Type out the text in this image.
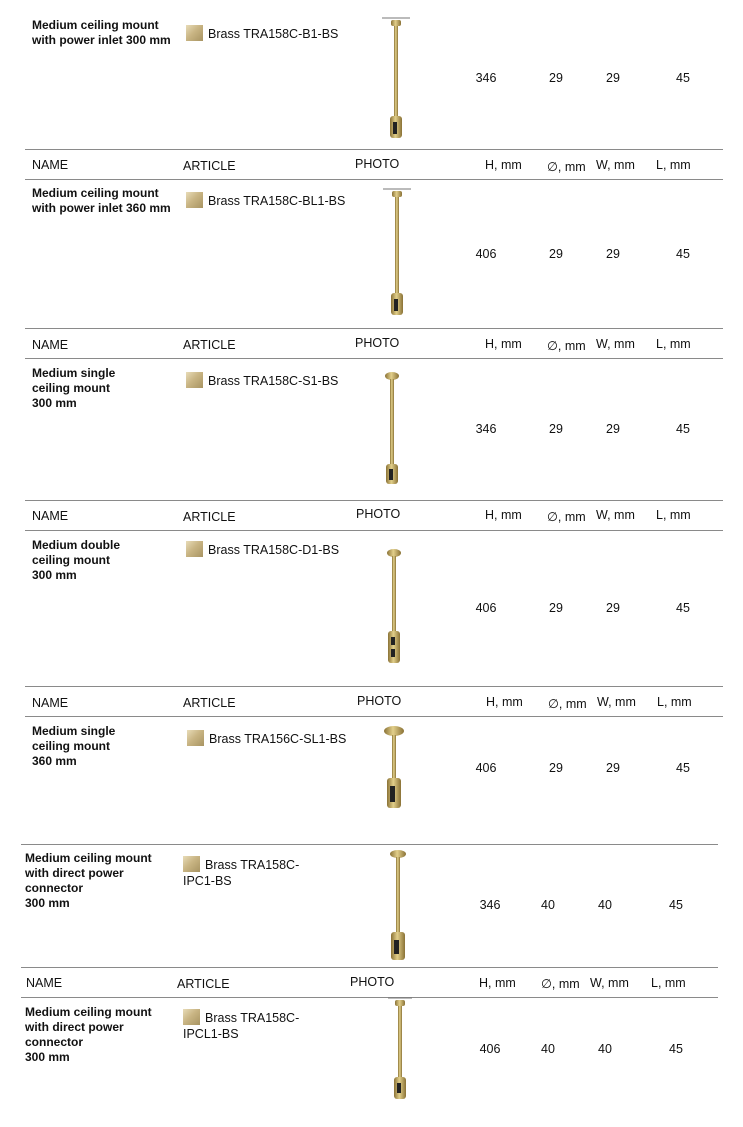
Medium ceiling mount
with power inlet 300 mm	Brass TRA158C-B1-BS
346	29	29	45
NAME	ARTICLE	PHOTO	H, mm ∅, mm W, mm L, mm
Medium ceiling mount
with power inlet 360 mm	Brass TRA158C-BL1-BS
406	29	29	45
NAME	ARTICLE	PHOTO	H, mm ∅, mm W, mm L, mm
Medium single
ceiling mount
300 mm
Brass TRA158C-S1-BS
346	29	29	45
NAME	ARTICLE	PHOTO	H, mm ∅, mm W, mm L, mm
Medium double
ceiling mount
300 mm
Brass TRA158C-D1-BS
406	29	29	45
NAME	ARTICLE	PHOTO	H, mm ∅, mm W, mm L, mm
Medium single
ceiling mount
360 mm
Brass TRA156C-SL1-BS
406	29	29	45
Medium ceiling mount
with direct power
connector
300 mm
Brass TRA158C-
IPC1-BS
346	40	40	45
NAME	ARTICLE	PHOTO	H, mm ∅, mm W, mm L, mm
Medium ceiling mount
with direct power
connector
300 mm
Brass TRA158C-
IPCL1-BS
406	40	40	45
